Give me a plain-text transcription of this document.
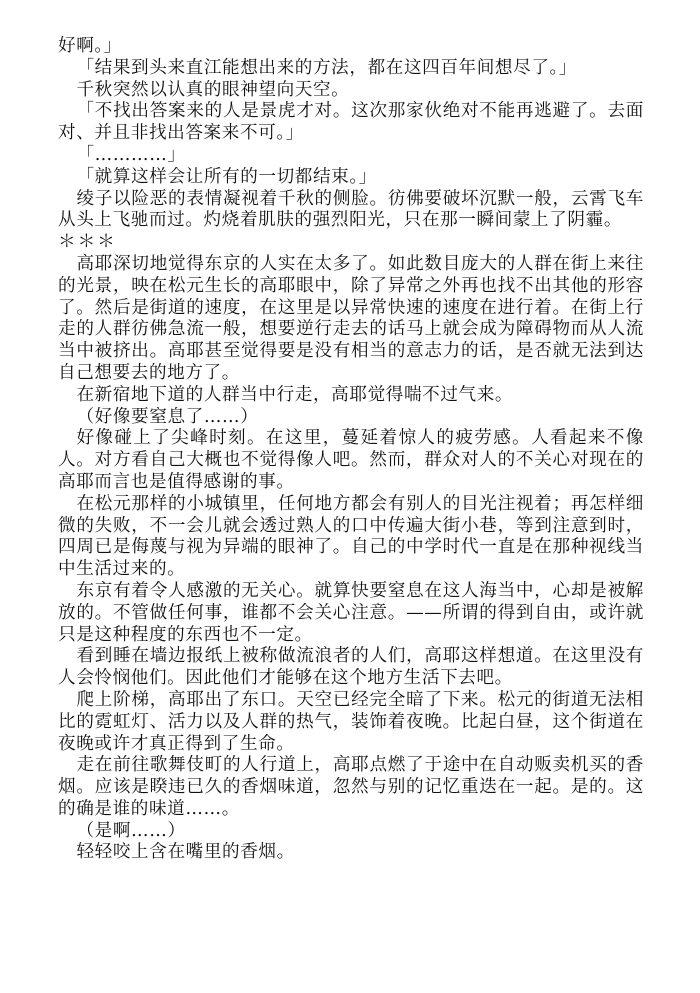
好啊。」

「结果到头来直江能想出来的方法，都在这四百年间想尽了。」

千秋突然以认真的眼神望向天空。

「不找出答案来的人是景虎才对。这次那家伙绝对不能再逃避了。去面对、并且非找出答案来不可。」

「…………」

「就算这样会让所有的一切都结束。」

绫子以险恶的表情凝视着千秋的侧脸。彷佛要破坏沉默一般，云霄飞车从头上飞驰而过。灼烧着肌肤的强烈阳光，只在那一瞬间蒙上了阴霾。

＊＊＊

高耶深切地觉得东京的人实在太多了。如此数目庞大的人群在街上来往的光景，映在松元生长的高耶眼中，除了异常之外再也找不出其他的形容了。然后是街道的速度，在这里是以异常快速的速度在进行着。在街上行走的人群彷佛急流一般，想要逆行走去的话马上就会成为障碍物而从人流当中被挤出。高耶甚至觉得要是没有相当的意志力的话，是否就无法到达自己想要去的地方了。

在新宿地下道的人群当中行走，高耶觉得喘不过气来。

（好像要窒息了……）

好像碰上了尖峰时刻。在这里，蔓延着惊人的疲劳感。人看起来不像人。对方看自己大概也不觉得像人吧。然而，群众对人的不关心对现在的高耶而言也是值得感谢的事。

在松元那样的小城镇里，任何地方都会有别人的目光注视着；再怎样细微的失败，不一会儿就会透过熟人的口中传遍大街小巷，等到注意到时，四周已是侮蔑与视为异端的眼神了。自己的中学时代一直是在那种视线当中生活过来的。

东京有着令人感激的无关心。就算快要窒息在这人海当中，心却是被解放的。不管做任何事，谁都不会关心注意。——所谓的得到自由，或许就只是这种程度的东西也不一定。

看到睡在墙边报纸上被称做流浪者的人们，高耶这样想道。在这里没有人会怜悯他们。因此他们才能够在这个地方生活下去吧。

爬上阶梯，高耶出了东口。天空已经完全暗了下来。松元的街道无法相比的霓虹灯、活力以及人群的热气，装饰着夜晚。比起白昼，这个街道在夜晚或许才真正得到了生命。

走在前往歌舞伎町的人行道上，高耶点燃了于途中在自动贩卖机买的香烟。应该是睽违已久的香烟味道，忽然与别的记忆重迭在一起。是的。这的确是谁的味道……。

（是啊……）

轻轻咬上含在嘴里的香烟。
